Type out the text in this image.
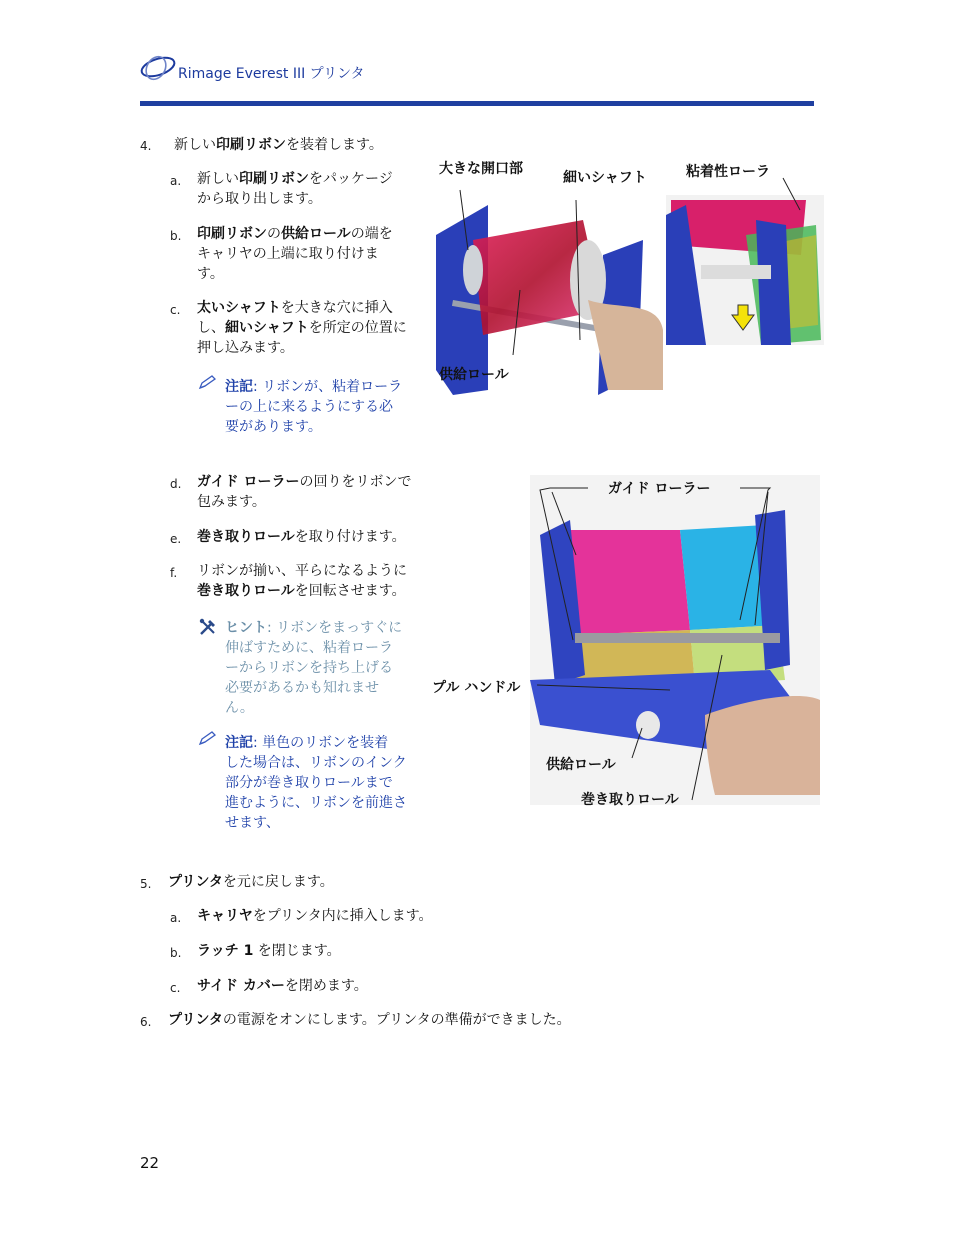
Rimage Everest III プリンタ
4. 新しい印刷リボンを装着します。
a. 新しい印刷リボンをパッケージ
から取り出します。
b. 印刷リボンの供給ロールの端を
キャリヤの上端に取り付けま
す。
c. 太いシャフトを大きな穴に挿入
し、細いシャフトを所定の位置に
押し込みます。
注記: リボンが、粘着ローラ
ーの上に来るようにする必
要があります。
大きな開口部
細いシャフト	粘着性ローラ
供給ロール
d. ガイド ローラーの回りをリボンで
包みます。
e. 巻き取りロールを取り付けます。
f. リボンが揃い、平らになるように
巻き取りロールを回転させます。
ヒント: リボンをまっすぐに
伸ばすために、粘着ローラ
ーからリボンを持ち上げる
必要があるかも知れませ
ん。
注記: 単色のリボンを装着
した場合は、リボンのインク
部分が巻き取りロールまで
進むように、リボンを前進さ
せます、
ガイド ローラー
プル ハンドル
供給ロール
巻き取りロール
5. プリンタを元に戻します。
a. キャリヤをプリンタ内に挿入します。
b. ラッチ 1 を閉じます。
c. サイド カバーを閉めます。
6. プリンタの電源をオンにします。プリンタの準備ができました。
22
